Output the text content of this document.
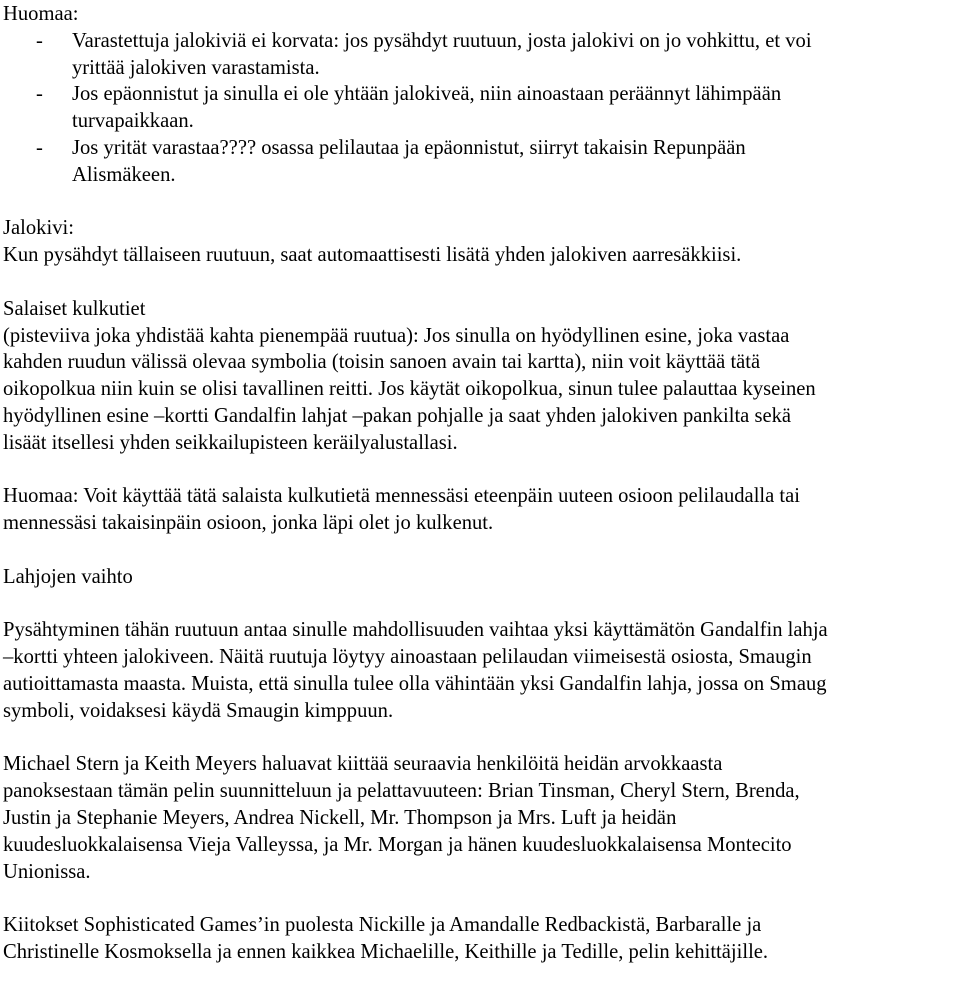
Huomaa:
- Varastettuja jalokiviä ei korvata: jos pysähdyt ruutuun, josta jalokivi on jo vohkittu, et voi
yrittää jalokiven varastamista.
- Jos epäonnistut ja sinulla ei ole yhtään jalokiveä, niin ainoastaan peräännyt lähimpään
turvapaikkaan.
- Jos yrität varastaa???? osassa pelilautaa ja epäonnistut, siirryt takaisin Repunpään
Alismäkeen.
Jalokivi:
Kun pysähdyt tällaiseen ruutuun, saat automaattisesti lisätä yhden jalokiven aarresäkkiisi.
Salaiset kulkutiet
(pisteviiva joka yhdistää kahta pienempää ruutua): Jos sinulla on hyödyllinen esine, joka vastaa
kahden ruudun välissä olevaa symbolia (toisin sanoen avain tai kartta), niin voit käyttää tätä
oikopolkua niin kuin se olisi tavallinen reitti. Jos käytät oikopolkua, sinun tulee palauttaa kyseinen
hyödyllinen esine –kortti Gandalfin lahjat –pakan pohjalle ja saat yhden jalokiven pankilta sekä
lisäät itsellesi yhden seikkailupisteen keräilyalustallasi.
Huomaa: Voit käyttää tätä salaista kulkutietä mennessäsi eteenpäin uuteen osioon pelilaudalla tai
mennessäsi takaisinpäin osioon, jonka läpi olet jo kulkenut.
Lahjojen vaihto
Pysähtyminen tähän ruutuun antaa sinulle mahdollisuuden vaihtaa yksi käyttämätön Gandalfin lahja
–kortti yhteen jalokiveen. Näitä ruutuja löytyy ainoastaan pelilaudan viimeisestä osiosta, Smaugin
autioittamasta maasta. Muista, että sinulla tulee olla vähintään yksi Gandalfin lahja, jossa on Smaug
symboli, voidaksesi käydä Smaugin kimppuun.
Michael Stern ja Keith Meyers haluavat kiittää seuraavia henkilöitä heidän arvokkaasta
panoksestaan tämän pelin suunnitteluun ja pelattavuuteen: Brian Tinsman, Cheryl Stern, Brenda,
Justin ja Stephanie Meyers, Andrea Nickell, Mr. Thompson ja Mrs. Luft ja heidän
kuudesluokkalaisensa Vieja Valleyssa, ja Mr. Morgan ja hänen kuudesluokkalaisensa Montecito
Unionissa.
Kiitokset Sophisticated Games’in puolesta Nickille ja Amandalle Redbackistä, Barbaralle ja
Christinelle Kosmoksella ja ennen kaikkea Michaelille, Keithille ja Tedille, pelin kehittäjille.
